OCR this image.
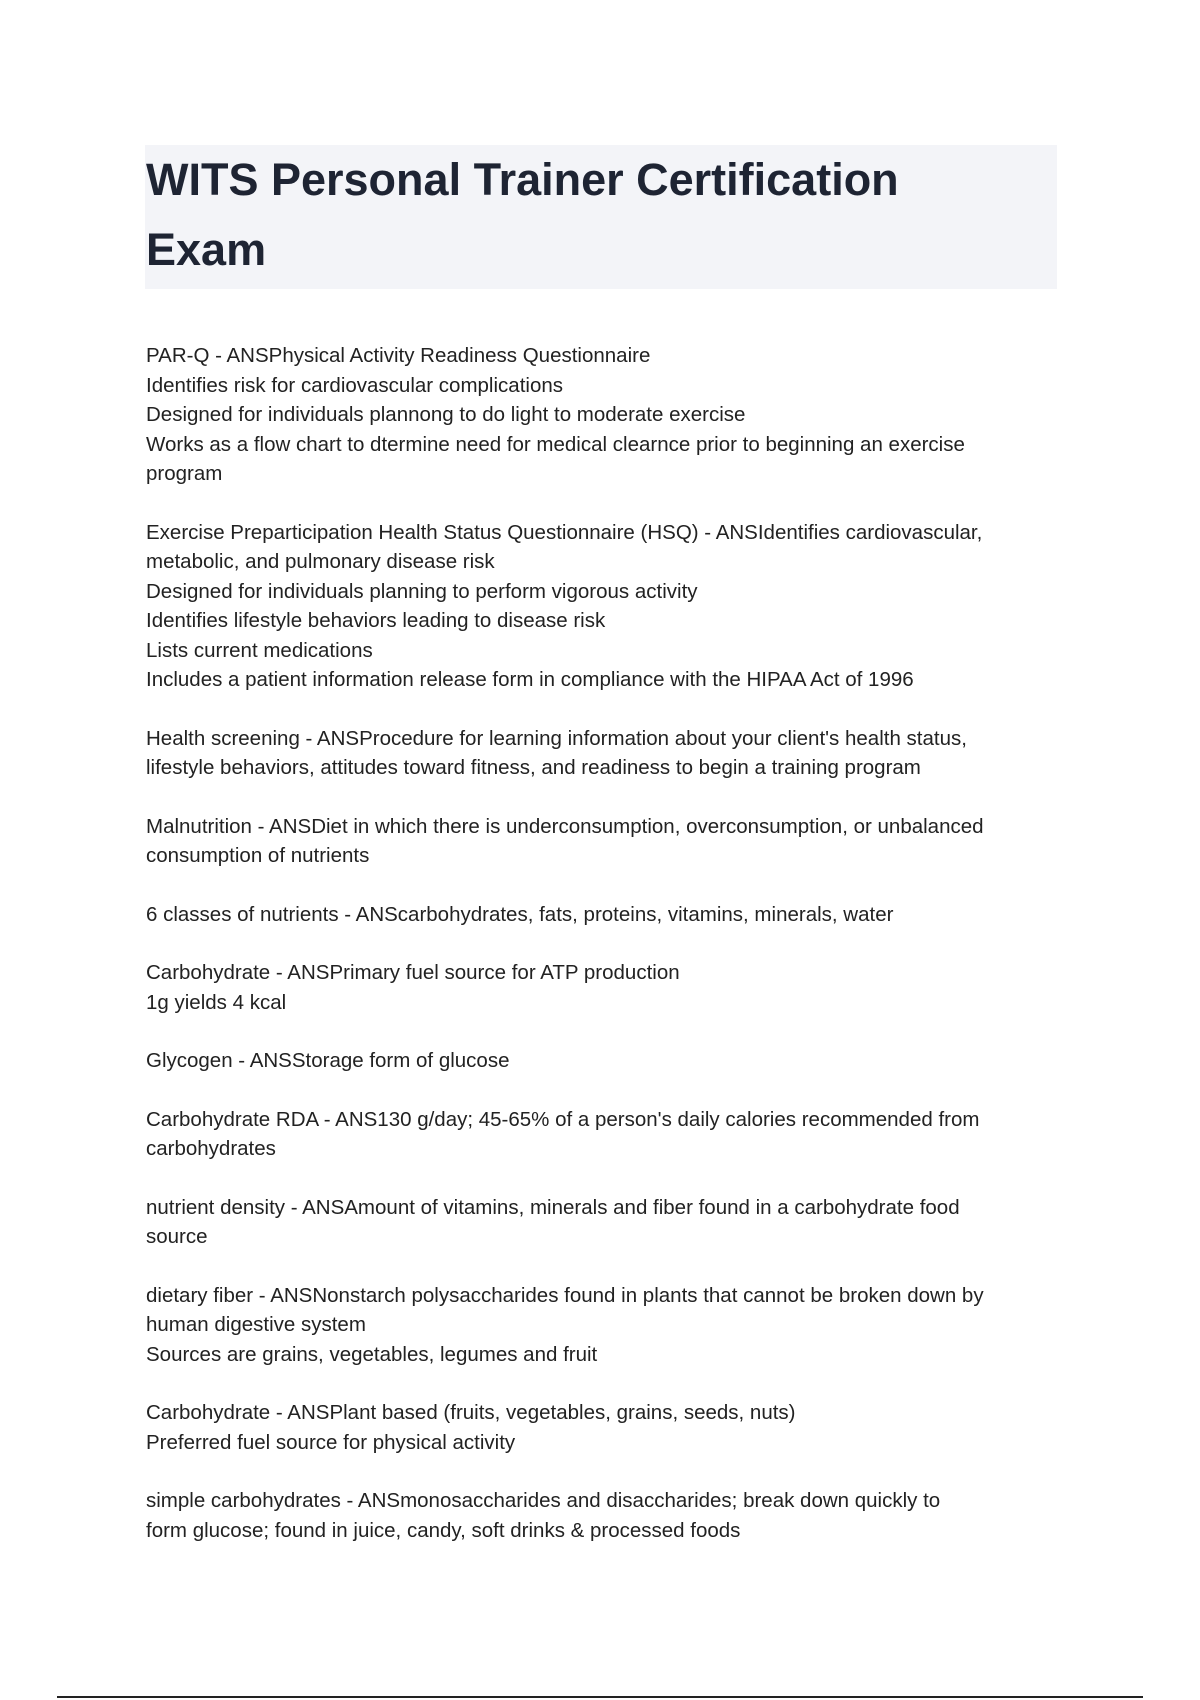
WITS Personal Trainer Certification
Exam
PAR-Q - ANSPhysical Activity Readiness Questionnaire
Identifies risk for cardiovascular complications
Designed for individuals plannong to do light to moderate exercise
Works as a flow chart to dtermine need for medical clearnce prior to beginning an exercise
program
Exercise Preparticipation Health Status Questionnaire (HSQ) - ANSIdentifies cardiovascular,
metabolic, and pulmonary disease risk
Designed for individuals planning to perform vigorous activity
Identifies lifestyle behaviors leading to disease risk
Lists current medications
Includes a patient information release form in compliance with the HIPAA Act of 1996
Health screening - ANSProcedure for learning information about your client's health status,
lifestyle behaviors, attitudes toward fitness, and readiness to begin a training program
Malnutrition - ANSDiet in which there is underconsumption, overconsumption, or unbalanced
consumption of nutrients
6 classes of nutrients - ANScarbohydrates, fats, proteins, vitamins, minerals, water
Carbohydrate - ANSPrimary fuel source for ATP production
1g yields 4 kcal
Glycogen - ANSStorage form of glucose
Carbohydrate RDA - ANS130 g/day; 45-65% of a person's daily calories recommended from
carbohydrates
nutrient density - ANSAmount of vitamins, minerals and fiber found in a carbohydrate food
source
dietary fiber - ANSNonstarch polysaccharides found in plants that cannot be broken down by
human digestive system
Sources are grains, vegetables, legumes and fruit
Carbohydrate - ANSPlant based (fruits, vegetables, grains, seeds, nuts)
Preferred fuel source for physical activity
simple carbohydrates - ANSmonosaccharides and disaccharides; break down quickly to
form glucose; found in juice, candy, soft drinks & processed foods
